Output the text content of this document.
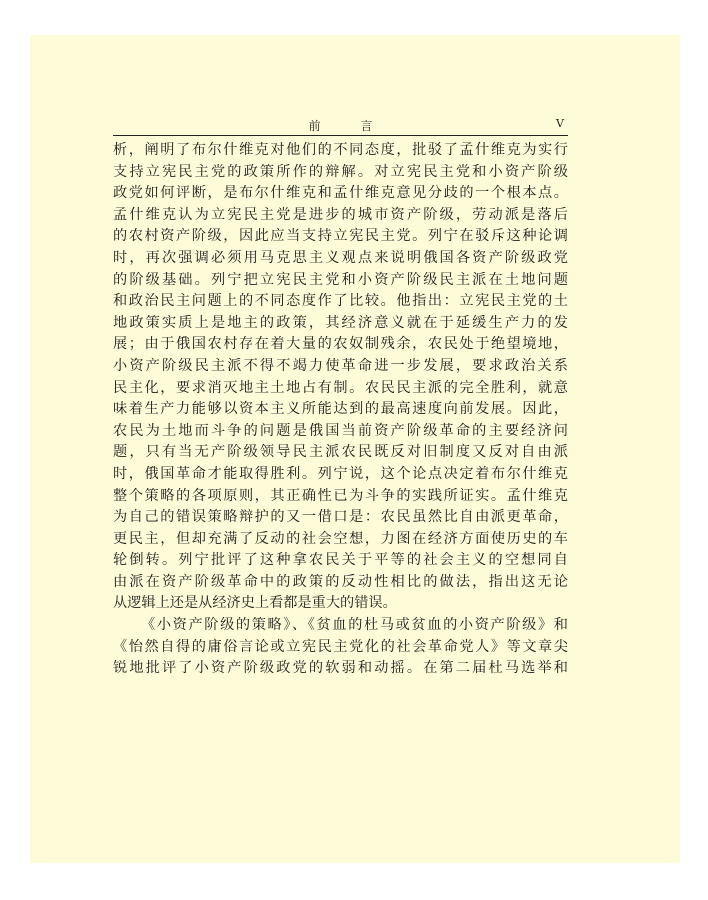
前 言	V
析，阐明了布尔什维克对他们的不同态度，批驳了孟什维克为实行
支持立宪民主党的政策所作的辩解。对立宪民主党和小资产阶级
政党如何评断，是布尔什维克和孟什维克意见分歧的一个根本点。
孟什维克认为立宪民主党是进步的城市资产阶级，劳动派是落后
的农村资产阶级，因此应当支持立宪民主党。列宁在驳斥这种论调
时，再次强调必须用马克思主义观点来说明俄国各资产阶级政党
的阶级基础。列宁把立宪民主党和小资产阶级民主派在土地问题
和政治民主问题上的不同态度作了比较。他指出：立宪民主党的土
地政策实质上是地主的政策，其经济意义就在于延缓生产力的发
展；由于俄国农村存在着大量的农奴制残余，农民处于绝望境地，
小资产阶级民主派不得不竭力使革命进一步发展，要求政治关系
民主化，要求消灭地主土地占有制。农民民主派的完全胜利，就意
味着生产力能够以资本主义所能达到的最高速度向前发展。因此，
农民为土地而斗争的问题是俄国当前资产阶级革命的主要经济问
题，只有当无产阶级领导民主派农民既反对旧制度又反对自由派
时，俄国革命才能取得胜利。列宁说，这个论点决定着布尔什维克
整个策略的各项原则，其正确性已为斗争的实践所证实。孟什维克
为自己的错误策略辩护的又一借口是：农民虽然比自由派更革命，
更民主，但却充满了反动的社会空想，力图在经济方面使历史的车
轮倒转。列宁批评了这种拿农民关于平等的社会主义的空想同自
由派在资产阶级革命中的政策的反动性相比的做法，指出这无论
从逻辑上还是从经济史上看都是重大的错误。
《小资产阶级的策略》、《贫血的杜马或贫血的小资产阶级》和
《怡然自得的庸俗言论或立宪民主党化的社会革命党人》等文章尖
锐地批评了小资产阶级政党的软弱和动摇。在第二届杜马选举和
